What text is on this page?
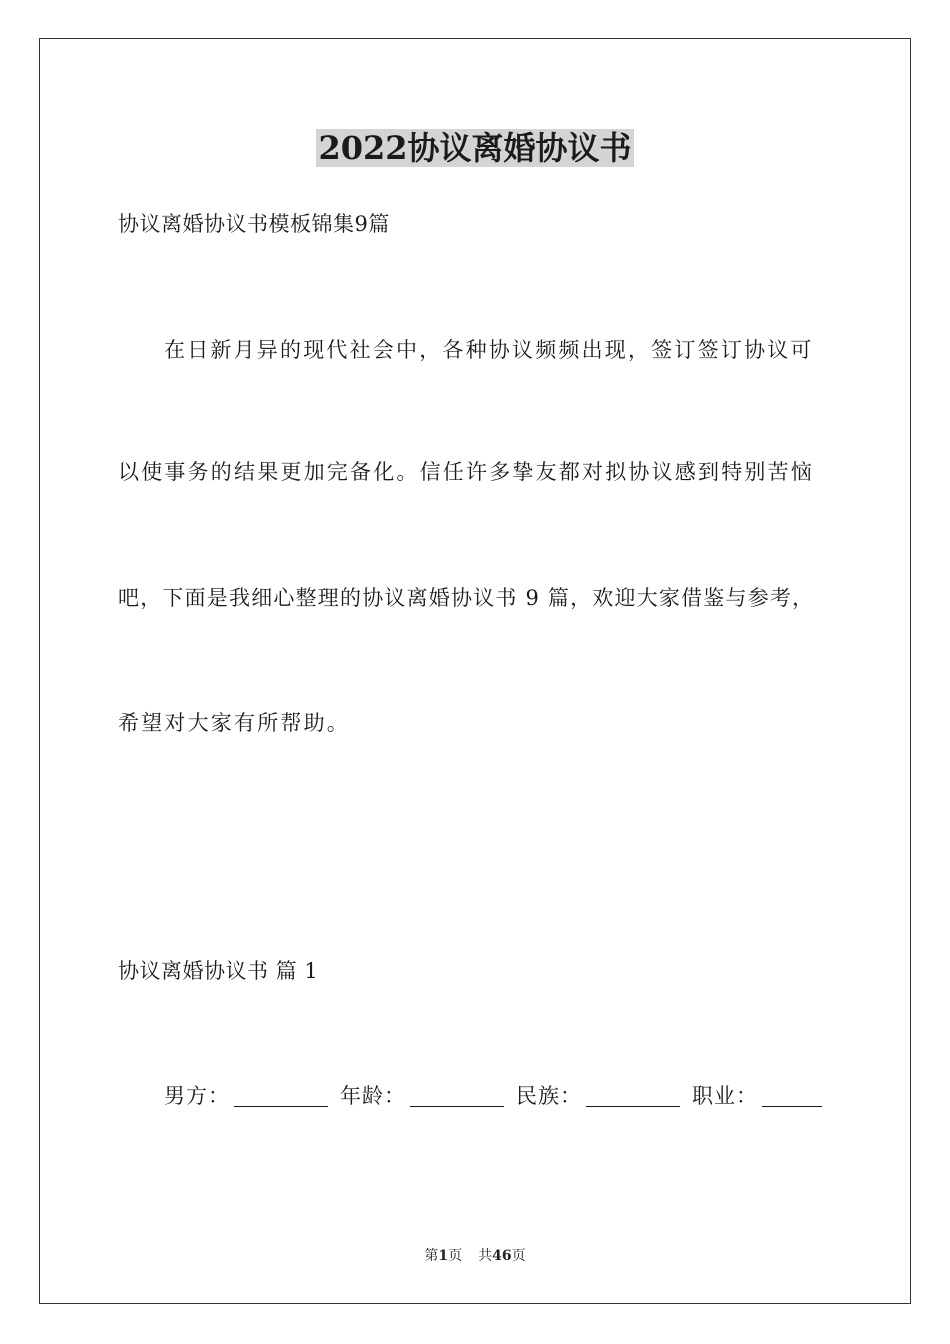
2022协议离婚协议书
协议离婚协议书模板锦集9篇
在日新月异的现代社会中，各种协议频频出现，签订签订协议可
以使事务的结果更加完备化。信任许多挚友都对拟协议感到特别苦恼
吧，下面是我细心整理的协议离婚协议书 9 篇，欢迎大家借鉴与参考，
希望对大家有所帮助。
协议离婚协议书 篇 1
男方：	年龄：	民族：	职业：
第1页 共46页
